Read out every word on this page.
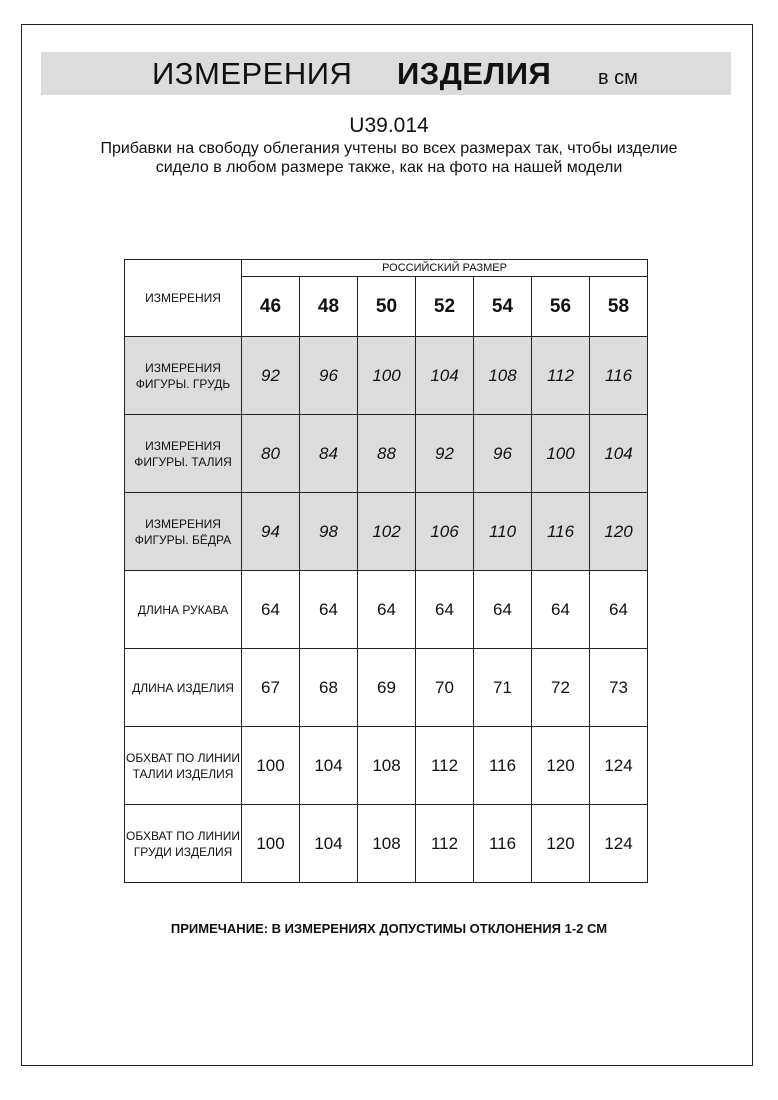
ИЗМЕРЕНИЯ ИЗДЕЛИЯ в см
U39.014
Прибавки на свободу облегания учтены во всех размерах так, чтобы изделие сидело в любом размере также, как на фото на нашей модели
ИЗМЕРЕНИЯ	РОССИЙСКИЙ РАЗМЕР						
	46	48	50	52	54	56	58
ИЗМЕРЕНИЯ ФИГУРЫ. ГРУДЬ	92	96	100	104	108	112	116
ИЗМЕРЕНИЯ ФИГУРЫ. ТАЛИЯ	80	84	88	92	96	100	104
ИЗМЕРЕНИЯ ФИГУРЫ. БЁДРА	94	98	102	106	110	116	120
ДЛИНА РУКАВА	64	64	64	64	64	64	64
ДЛИНА ИЗДЕЛИЯ	67	68	69	70	71	72	73
ОБХВАТ ПО ЛИНИИ ТАЛИИ ИЗДЕЛИЯ	100	104	108	112	116	120	124
ОБХВАТ ПО ЛИНИИ ГРУДИ ИЗДЕЛИЯ	100	104	108	112	116	120	124
ПРИМЕЧАНИЕ: В ИЗМЕРЕНИЯХ ДОПУСТИМЫ ОТКЛОНЕНИЯ 1-2 СМ
